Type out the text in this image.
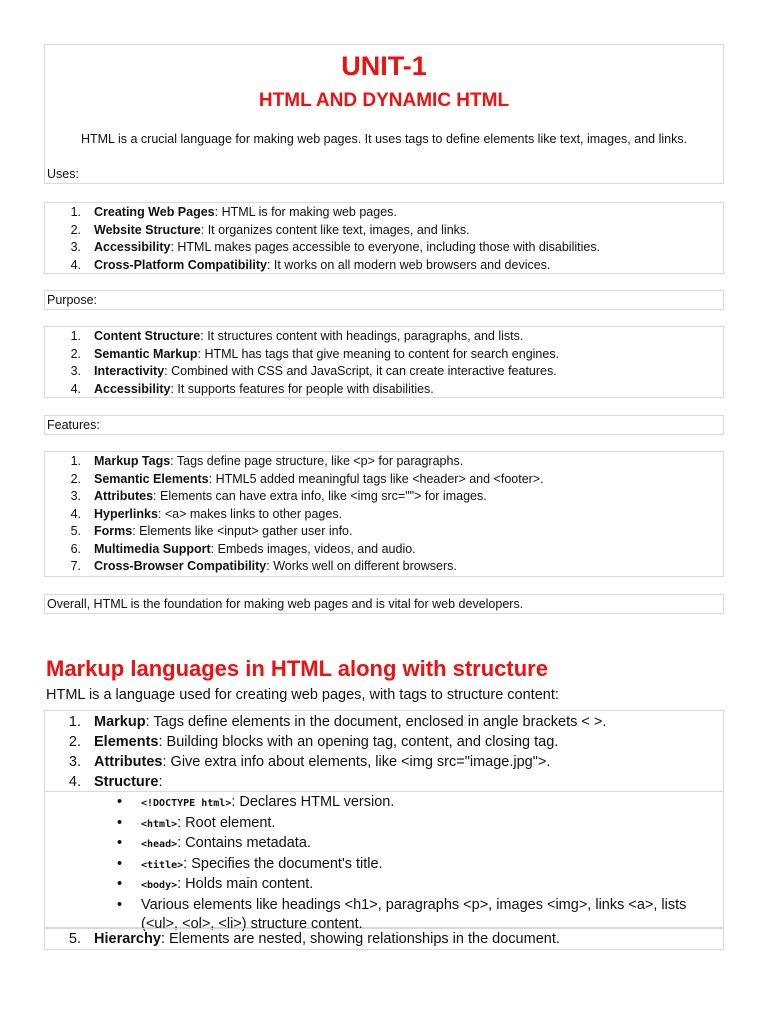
UNIT-1
HTML AND DYNAMIC HTML
HTML is a crucial language for making web pages. It uses tags to define elements like text, images, and links.
Uses:
1. Creating Web Pages: HTML is for making web pages.
2. Website Structure: It organizes content like text, images, and links.
3. Accessibility: HTML makes pages accessible to everyone, including those with disabilities.
4. Cross-Platform Compatibility: It works on all modern web browsers and devices.
Purpose:
1. Content Structure: It structures content with headings, paragraphs, and lists.
2. Semantic Markup: HTML has tags that give meaning to content for search engines.
3. Interactivity: Combined with CSS and JavaScript, it can create interactive features.
4. Accessibility: It supports features for people with disabilities.
Features:
1. Markup Tags: Tags define page structure, like <p> for paragraphs.
2. Semantic Elements: HTML5 added meaningful tags like <header> and <footer>.
3. Attributes: Elements can have extra info, like <img src=""> for images.
4. Hyperlinks: <a> makes links to other pages.
5. Forms: Elements like <input> gather user info.
6. Multimedia Support: Embeds images, videos, and audio.
7. Cross-Browser Compatibility: Works well on different browsers.
Overall, HTML is the foundation for making web pages and is vital for web developers.
Markup languages in HTML along with structure
HTML is a language used for creating web pages, with tags to structure content:
1. Markup: Tags define elements in the document, enclosed in angle brackets < >.
2. Elements: Building blocks with an opening tag, content, and closing tag.
3. Attributes: Give extra info about elements, like <img src="image.jpg">.
4. Structure:
• <!DOCTYPE html>: Declares HTML version.
• <html>: Root element.
• <head>: Contains metadata.
• <title>: Specifies the document's title.
• <body>: Holds main content.
• Various elements like headings <h1>, paragraphs <p>, images <img>, links <a>, lists (<ul>, <ol>, <li>) structure content.
5. Hierarchy: Elements are nested, showing relationships in the document.
